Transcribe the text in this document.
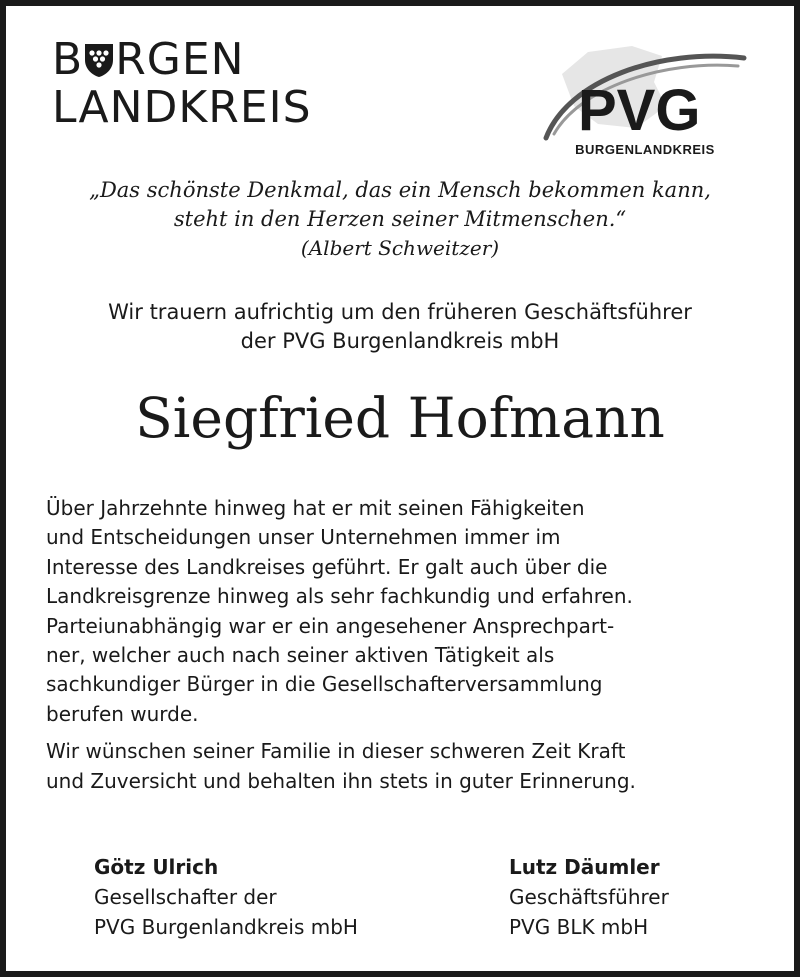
B RGEN
LANDKREIS	PVG
BURGENLANDKREIS
„Das schönste Denkmal, das ein Mensch bekommen kann,
steht in den Herzen seiner Mitmenschen.“
(Albert Schweitzer)
Wir trauern aufrichtig um den früheren Geschäftsführer
der PVG Burgenlandkreis mbH
Siegfried Hofmann

Über Jahrzehnte hinweg hat er mit seinen Fähigkeiten
und Entscheidungen unser Unternehmen immer im
Interesse des Landkreises geführt. Er galt auch über die
Landkreisgrenze hinweg als sehr fachkundig und erfahren.
Parteiunabhängig war er ein angesehener Ansprechpart-
ner, welcher auch nach seiner aktiven Tätigkeit als
sachkundiger Bürger in die Gesellschafterversammlung
berufen wurde.

Wir wünschen seiner Familie in dieser schweren Zeit Kraft
und Zuversicht und behalten ihn stets in guter Erinnerung.

Götz Ulrich
Gesellschafter der
PVG Burgenlandkreis mbH
Lutz Däumler
Geschäftsführer
PVG BLK mbH
